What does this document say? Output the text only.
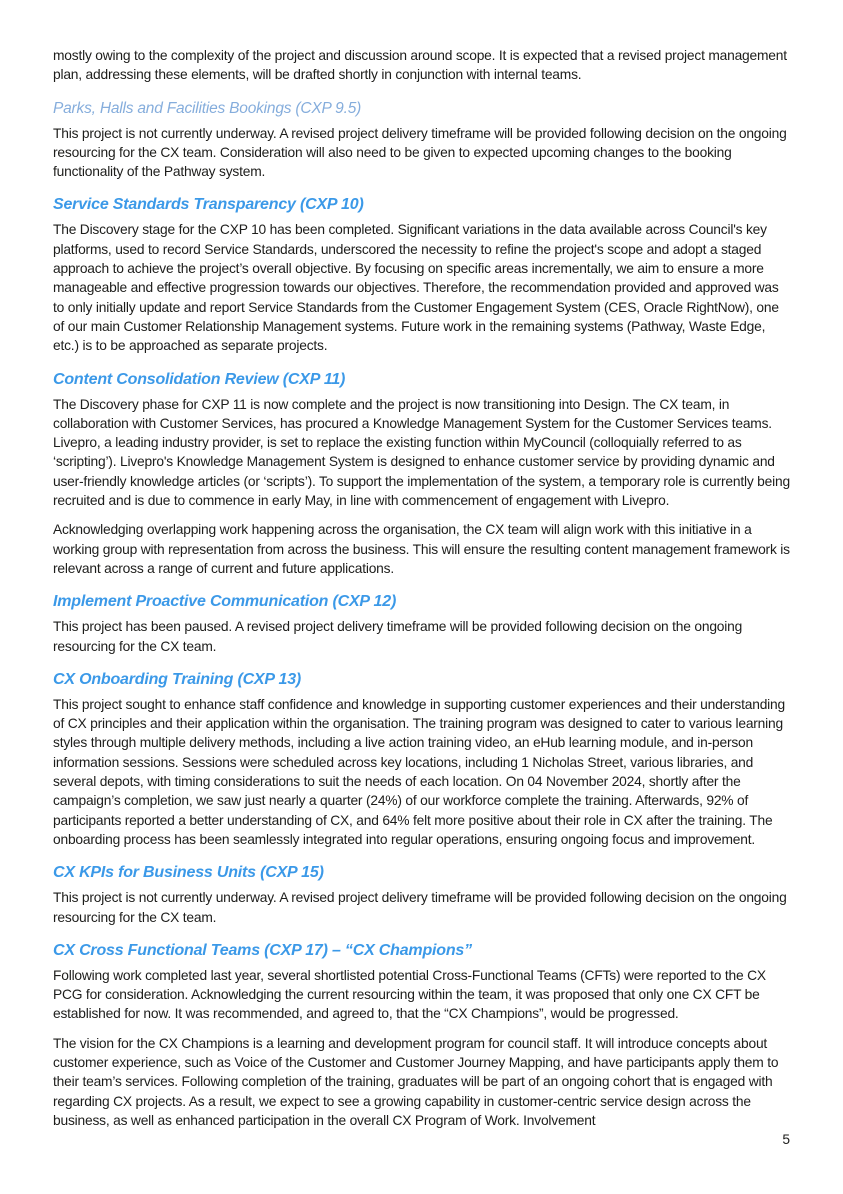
mostly owing to the complexity of the project and discussion around scope. It is expected that a revised project management plan, addressing these elements, will be drafted shortly in conjunction with internal teams.

Parks, Halls and Facilities Bookings (CXP 9.5)

This project is not currently underway. A revised project delivery timeframe will be provided following decision on the ongoing resourcing for the CX team. Consideration will also need to be given to expected upcoming changes to the booking functionality of the Pathway system.

Service Standards Transparency (CXP 10)

The Discovery stage for the CXP 10 has been completed. Significant variations in the data available across Council's key platforms, used to record Service Standards, underscored the necessity to refine the project's scope and adopt a staged approach to achieve the project’s overall objective. By focusing on specific areas incrementally, we aim to ensure a more manageable and effective progression towards our objectives. Therefore, the recommendation provided and approved was to only initially update and report Service Standards from the Customer Engagement System (CES, Oracle RightNow), one of our main Customer Relationship Management systems. Future work in the remaining systems (Pathway, Waste Edge, etc.) is to be approached as separate projects.

Content Consolidation Review (CXP 11)

The Discovery phase for CXP 11 is now complete and the project is now transitioning into Design. The CX team, in collaboration with Customer Services, has procured a Knowledge Management System for the Customer Services teams. Livepro, a leading industry provider, is set to replace the existing function within MyCouncil (colloquially referred to as ‘scripting’). Livepro's Knowledge Management System is designed to enhance customer service by providing dynamic and user-friendly knowledge articles (or ‘scripts’). To support the implementation of the system, a temporary role is currently being recruited and is due to commence in early May, in line with commencement of engagement with Livepro.

Acknowledging overlapping work happening across the organisation, the CX team will align work with this initiative in a working group with representation from across the business. This will ensure the resulting content management framework is relevant across a range of current and future applications.

Implement Proactive Communication (CXP 12)

This project has been paused. A revised project delivery timeframe will be provided following decision on the ongoing resourcing for the CX team.

CX Onboarding Training (CXP 13)

This project sought to enhance staff confidence and knowledge in supporting customer experiences and their understanding of CX principles and their application within the organisation. The training program was designed to cater to various learning styles through multiple delivery methods, including a live action training video, an eHub learning module, and in-person information sessions. Sessions were scheduled across key locations, including 1 Nicholas Street, various libraries, and several depots, with timing considerations to suit the needs of each location. On 04 November 2024, shortly after the campaign’s completion, we saw just nearly a quarter (24%) of our workforce complete the training. Afterwards, 92% of participants reported a better understanding of CX, and 64% felt more positive about their role in CX after the training. The onboarding process has been seamlessly integrated into regular operations, ensuring ongoing focus and improvement.

CX KPIs for Business Units (CXP 15)

This project is not currently underway. A revised project delivery timeframe will be provided following decision on the ongoing resourcing for the CX team.

CX Cross Functional Teams (CXP 17) – “CX Champions”

Following work completed last year, several shortlisted potential Cross-Functional Teams (CFTs) were reported to the CX PCG for consideration. Acknowledging the current resourcing within the team, it was proposed that only one CX CFT be established for now. It was recommended, and agreed to, that the “CX Champions”, would be progressed.

The vision for the CX Champions is a learning and development program for council staff. It will introduce concepts about customer experience, such as Voice of the Customer and Customer Journey Mapping, and have participants apply them to their team’s services. Following completion of the training, graduates will be part of an ongoing cohort that is engaged with regarding CX projects. As a result, we expect to see a growing capability in customer-centric service design across the business, as well as enhanced participation in the overall CX Program of Work. Involvement

5
